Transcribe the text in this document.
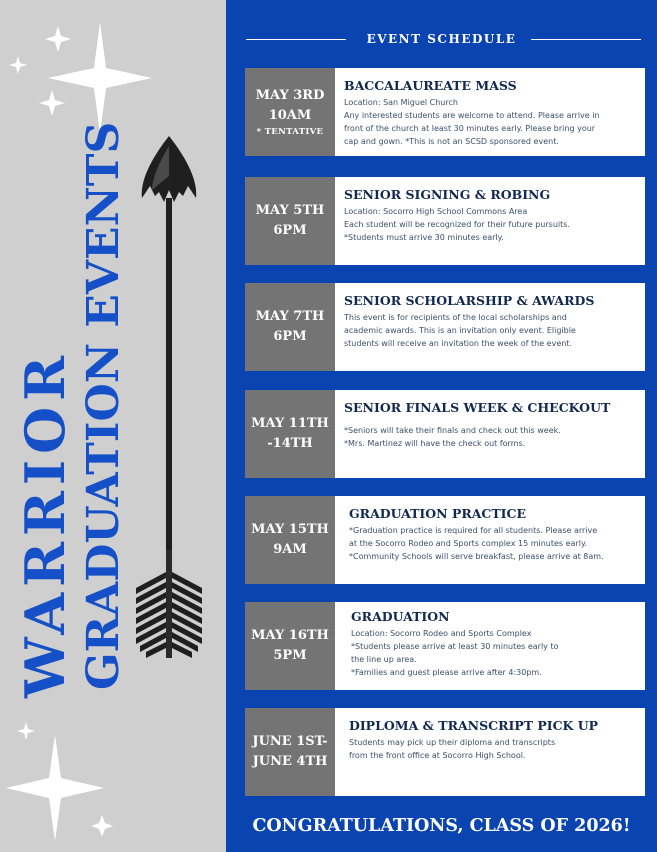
WARRIOR GRADUATION EVENTS
EVENT SCHEDULE
MAY 3RD
10AM
* TENTATIVE
BACCALAUREATE MASS
Location: San Miguel Church
Any interested students are welcome to attend. Please arrive in
front of the church at least 30 minutes early. Please bring your
cap and gown. *This is not an SCSD sponsored event.
MAY 5TH
6PM
SENIOR SIGNING & ROBING
Location: Socorro High School Commons Area
Each student will be recognized for their future pursuits.
*Students must arrive 30 minutes early.
MAY 7TH
6PM
SENIOR SCHOLARSHIP & AWARDS
This event is for recipients of the local scholarships and
academic awards. This is an invitation only event. Eligible
students will receive an invitation the week of the event.
MAY 11TH
-14TH
SENIOR FINALS WEEK & CHECKOUT
*Seniors will take their finals and check out this week.
*Mrs. Martinez will have the check out forms.
MAY 15TH
9AM
GRADUATION PRACTICE
*Graduation practice is required for all students. Please arrive
at the Socorro Rodeo and Sports complex 15 minutes early.
*Community Schools will serve breakfast, please arrive at 8am.
MAY 16TH
5PM
GRADUATION
Location: Socorro Rodeo and Sports Complex
*Students please arrive at least 30 minutes early to
the line up area.
*Families and guest please arrive after 4:30pm.
JUNE 1ST-
JUNE 4TH
DIPLOMA & TRANSCRIPT PICK UP
Students may pick up their diploma and transcripts
from the front office at Socorro High School.
CONGRATULATIONS, CLASS OF 2026!
